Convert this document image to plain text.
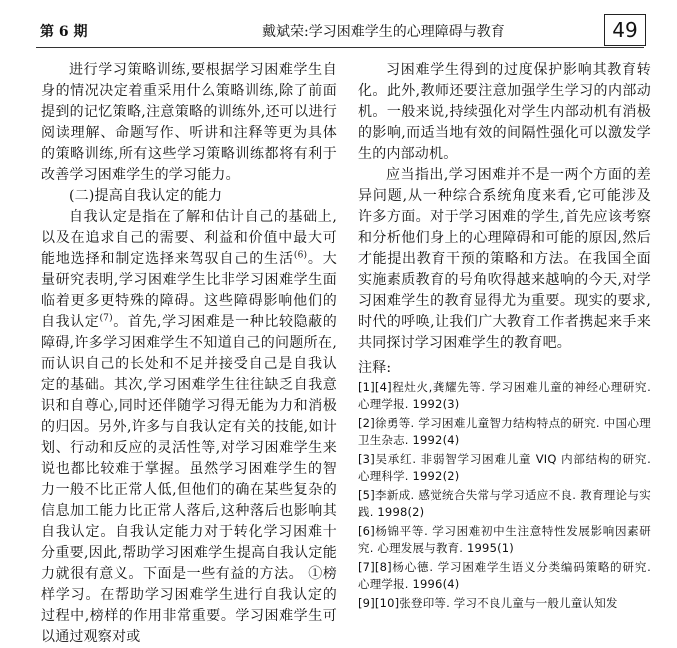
第 6 期	戴斌荣:学习困难学生的心理障碍与教育	49

进行学习策略训练,要根据学习困难学生自身的情况决定着重采用什么策略训练,除了前面提到的记忆策略,注意策略的训练外,还可以进行阅读理解、命题写作、听讲和注释等更为具体的策略训练,所有这些学习策略训练都将有利于改善学习困难学生的学习能力。

(二)提高自我认定的能力

自我认定是指在了解和估计自己的基础上,以及在追求自己的需要、利益和价值中最大可能地选择和制定选择来驾驭自己的生活$^{(6)}$。大量研究表明,学习困难学生比非学习困难学生面临着更多更特殊的障碍。这些障碍影响他们的自我认定$^{(7)}$。首先,学习困难是一种比较隐蔽的障碍,许多学习困难学生不知道自己的问题所在,而认识自己的长处和不足并接受自己是自我认定的基础。其次,学习困难学生往往缺乏自我意识和自尊心,同时还伴随学习得无能为力和消极的归因。另外,许多与自我认定有关的技能,如计划、行动和反应的灵活性等,对学习困难学生来说也都比较难于掌握。虽然学习困难学生的智力一般不比正常人低,但他们的确在某些复杂的信息加工能力比正常人落后,这种落后也影响其自我认定。自我认定能力对于转化学习困难十分重要,因此,帮助学习困难学生提高自我认定能力就很有意义。下面是一些有益的方法。 ①榜样学习。在帮助学习困难学生进行自我认定的过程中,榜样的作用非常重要。学习困难学生可以通过观察对或

习困难学生得到的过度保护影响其教育转化。此外,教师还要注意加强学生学习的内部动机。一般来说,持续强化对学生内部动机有消极的影响,而适当地有效的间隔性强化可以激发学生的内部动机。

应当指出,学习困难并不是一两个方面的差异问题,从一种综合系统角度来看,它可能涉及许多方面。对于学习困难的学生,首先应该考察和分析他们身上的心理障碍和可能的原因,然后才能提出教育干预的策略和方法。在我国全面实施素质教育的号角吹得越来越响的今天,对学习困难学生的教育显得尤为重要。现实的要求,时代的呼唤,让我们广大教育工作者携起来手来共同探讨学习困难学生的教育吧。

注释:

[1][4]程灶火,龚耀先等. 学习困难儿童的神经心理研究. 心理学报. 1992(3)

[2]徐勇等. 学习困难儿童智力结构特点的研究. 中国心理卫生杂志. 1992(4)

[3]吴承红. 非弱智学习困难儿童 VIQ 内部结构的研究. 心理科学. 1992(2)

[5]李新成. 感觉统合失常与学习适应不良. 教育理论与实践. 1998(2)

[6]杨锦平等. 学习困难初中生注意特性发展影响因素研究. 心理发展与教育. 1995(1)

[7][8]杨心德. 学习困难学生语义分类编码策略的研究. 心理学报. 1996(4)

[9][10]张登印等. 学习不良儿童与一般儿童认知发
